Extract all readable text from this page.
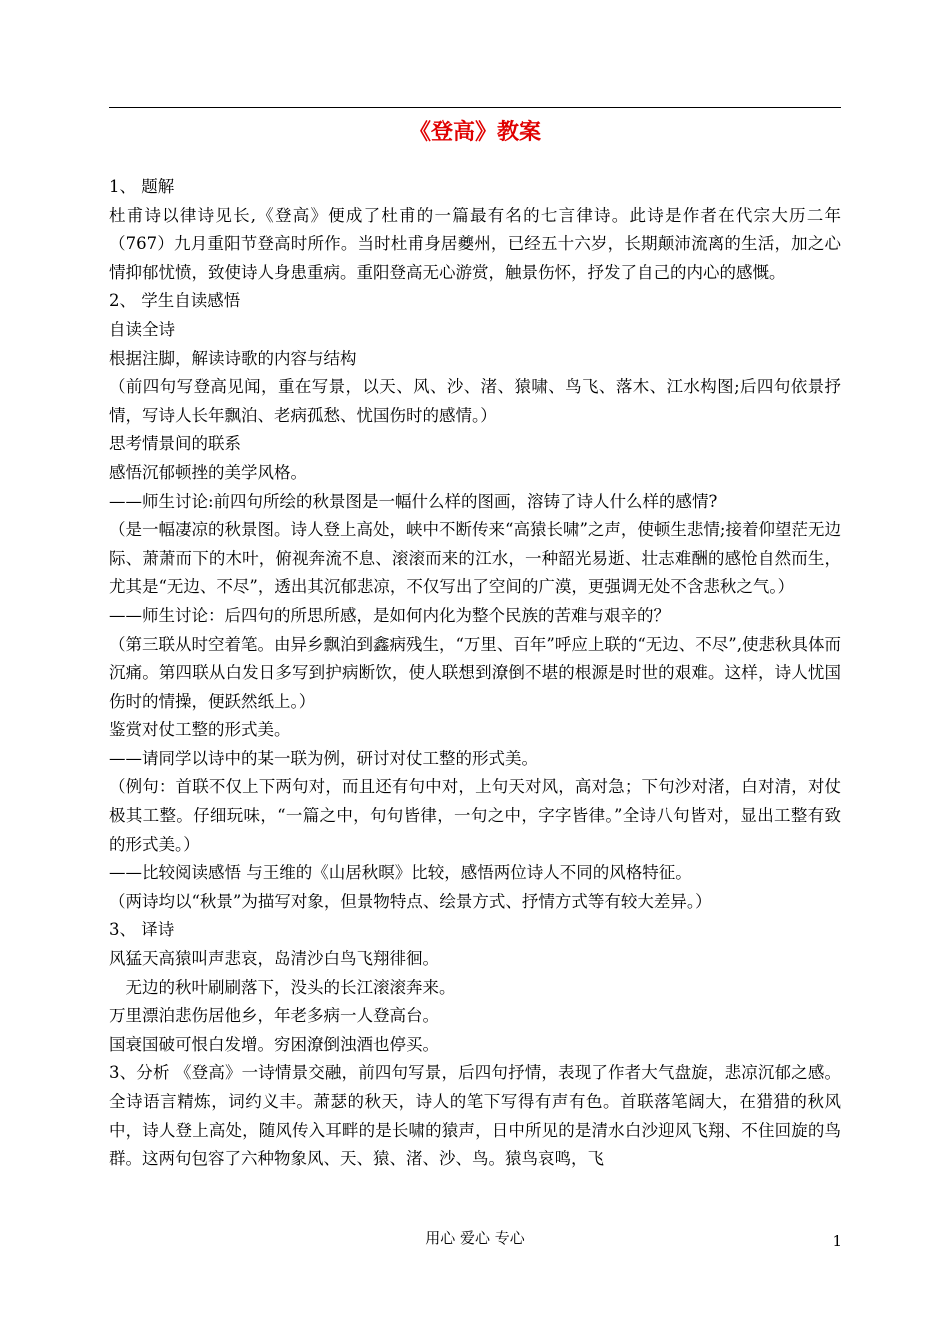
《登高》教案

1、 题解

杜甫诗以律诗见长,《登高》便成了杜甫的一篇最有名的七言律诗。此诗是作者在代宗大历二年（767）九月重阳节登高时所作。当时杜甫身居夔州，已经五十六岁，长期颠沛流离的生活，加之心情抑郁忧愤，致使诗人身患重病。重阳登高无心游赏，触景伤怀，抒发了自己的内心的感慨。

2、 学生自读感悟

自读全诗

根据注脚，解读诗歌的内容与结构

（前四句写登高见闻，重在写景，以天、风、沙、渚、猿啸、鸟飞、落木、江水构图;后四句依景抒情，写诗人长年飘泊、老病孤愁、忧国伤时的感情。）

思考情景间的联系

感悟沉郁顿挫的美学风格。

——师生讨论:前四句所绘的秋景图是一幅什么样的图画，溶铸了诗人什么样的感情?

（是一幅凄凉的秋景图。诗人登上高处，峡中不断传来“高猿长啸”之声，使顿生悲情;接着仰望茫无边际、萧萧而下的木叶，俯视奔流不息、滚滚而来的江水，一种韶光易逝、壮志难酬的感怆自然而生，尤其是“无边、不尽”，透出其沉郁悲凉，不仅写出了空间的广漠，更强调无处不含悲秋之气。）

——师生讨论：后四句的所思所感，是如何内化为整个民族的苦难与艰辛的？

（第三联从时空着笔。由异乡飘泊到鑫病残生，“万里、百年”呼应上联的“无边、不尽”,使悲秋具体而沉痛。第四联从白发日多写到护病断饮，使人联想到潦倒不堪的根源是时世的艰难。这样，诗人忧国伤时的情操，便跃然纸上。）

鉴赏对仗工整的形式美。

——请同学以诗中的某一联为例，研讨对仗工整的形式美。

（例句：首联不仅上下两句对，而且还有句中对，上句天对风，高对急；下句沙对渚，白对清，对仗极其工整。仔细玩味，“一篇之中，句句皆律，一句之中，字字皆律。”全诗八句皆对，显出工整有致的形式美。）

——比较阅读感悟 与王维的《山居秋暝》比较，感悟两位诗人不同的风格特征。

（两诗均以“秋景”为描写对象，但景物特点、绘景方式、抒情方式等有较大差异。）

3、 译诗

风猛天高猿叫声悲哀，岛清沙白鸟飞翔徘徊。

无边的秋叶刷刷落下，没头的长江滚滚奔来。

万里漂泊悲伤居他乡，年老多病一人登高台。

国衰国破可恨白发增。穷困潦倒浊酒也停买。

3、分析 《登高》一诗情景交融，前四句写景，后四句抒情，表现了作者大气盘旋，悲凉沉郁之感。 全诗语言精炼，词约义丰。萧瑟的秋天，诗人的笔下写得有声有色。首联落笔阔大，在猎猎的秋风中，诗人登上高处，随风传入耳畔的是长啸的猿声，日中所见的是清水白沙迎风飞翔、不住回旋的鸟群。这两句包容了六种物象风、天、猿、渚、沙、鸟。猿鸟哀鸣，飞

用心 爱心 专心	1
